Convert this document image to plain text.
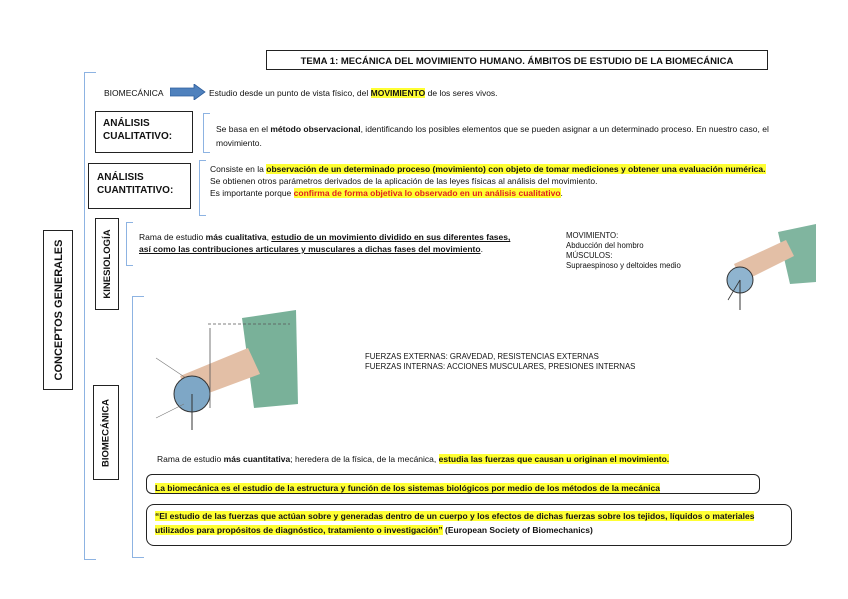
TEMA 1: MECÁNICA DEL MOVIMIENTO HUMANO. ÁMBITOS DE ESTUDIO DE LA BIOMECÁNICA
CONCEPTOS GENERALES
BIOMECÁNICA	Estudio desde un punto de vista físico, del MOVIMIENTO de los seres vivos.
ANÁLISIS
CUALITATIVO:
Se basa en el método observacional, identificando los posibles elementos que se pueden asignar a un determinado proceso. En nuestro caso, el movimiento.
ANÁLISIS
CUANTITATIVO:
Consiste en la observación de un determinado proceso (movimiento) con objeto de tomar mediciones y obtener una evaluación numérica.
Se obtienen otros parámetros derivados de la aplicación de las leyes físicas al análisis del movimiento.
Es importante porque confirma de forma objetiva lo observado en un análisis cualitativo.
KINESIOLOGÍA	Rama de estudio más cualitativa, estudio de un movimiento dividido en sus diferentes fases, así como las contribuciones articulares y musculares a dichas fases del movimiento.
MOVIMIENTO:
Abducción del hombro
MÚSCULOS:
Supraespinoso y deltoides medio
BIOMECÁNICA
FUERZAS EXTERNAS: GRAVEDAD, RESISTENCIAS EXTERNAS
FUERZAS INTERNAS: ACCIONES MUSCULARES, PRESIONES INTERNAS
Rama de estudio más cuantitativa; heredera de la física, de la mecánica, estudia las fuerzas que causan u originan el movimiento.
La biomecánica es el estudio de la estructura y función de los sistemas biológicos por medio de los métodos de la mecánica
“El estudio de las fuerzas que actúan sobre y generadas dentro de un cuerpo y los efectos de dichas fuerzas sobre los tejidos, líquidos o materiales utilizados para propósitos de diagnóstico, tratamiento o investigación” (European Society of Biomechanics)
